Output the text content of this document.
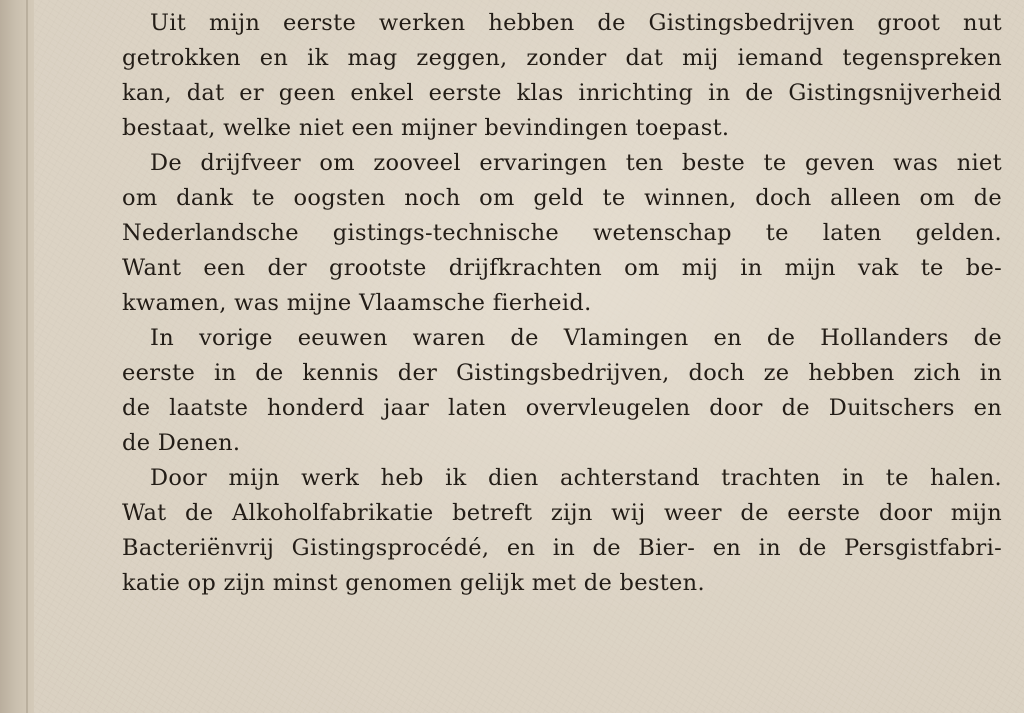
Uit mijn eerste werken hebben de Gistingsbedrijven groot nut
getrokken en ik mag zeggen, zonder dat mij iemand tegenspreken
kan, dat er geen enkel eerste klas inrichting in de Gistingsnijverheid
bestaat, welke niet een mijner bevindingen toepast.
De drijfveer om zooveel ervaringen ten beste te geven was niet
om dank te oogsten noch om geld te winnen, doch alleen om de
Nederlandsche gistings-technische wetenschap te laten gelden.
Want een der grootste drijfkrachten om mij in mijn vak te be-
kwamen, was mijne Vlaamsche fierheid.
In vorige eeuwen waren de Vlamingen en de Hollanders de
eerste in de kennis der Gistingsbedrijven, doch ze hebben zich in
de laatste honderd jaar laten overvleugelen door de Duitschers en
de Denen.
Door mijn werk heb ik dien achterstand trachten in te halen.
Wat de Alkoholfabrikatie betreft zijn wij weer de eerste door mijn
Bacteriënvrij Gistingsprocédé, en in de Bier- en in de Persgistfabri-
katie op zijn minst genomen gelijk met de besten.
